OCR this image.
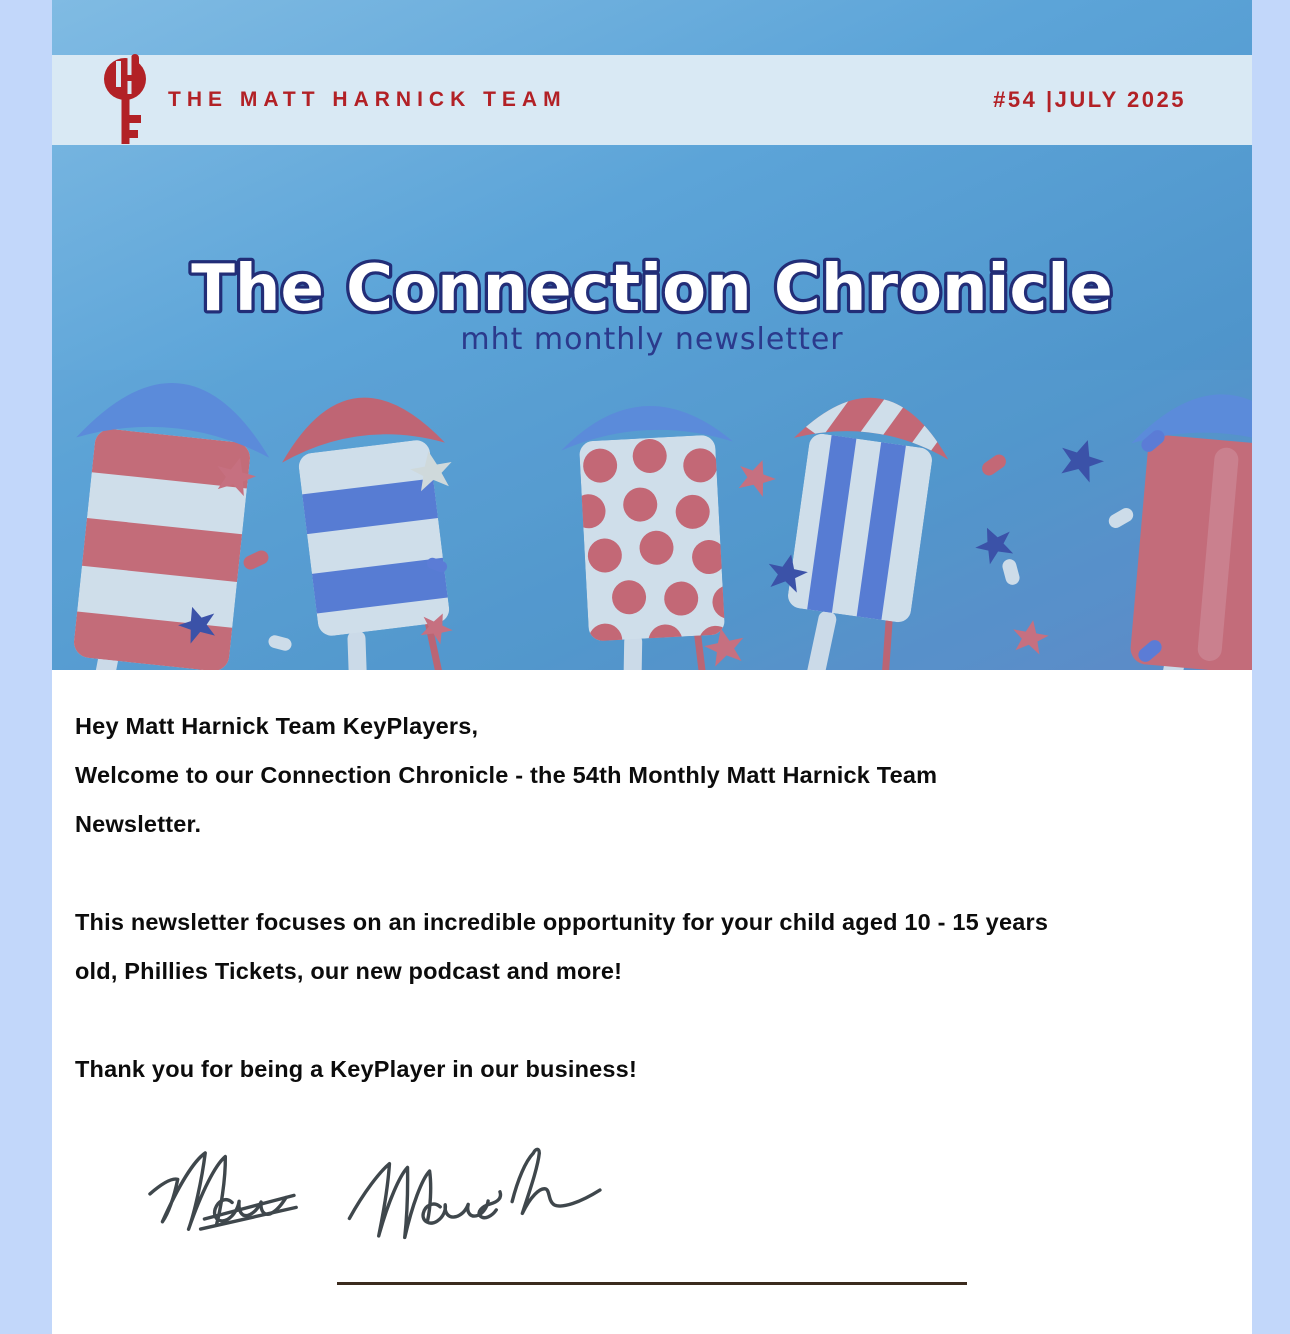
THE MATT HARNICK TEAM	#54 |JULY 2025
The Connection Chronicle
mht monthly newsletter
Hey Matt Harnick Team KeyPlayers,
Welcome to our Connection Chronicle - the 54th Monthly Matt Harnick Team
Newsletter.
This newsletter focuses on an incredible opportunity for your child aged 10 - 15 years
old, Phillies Tickets, our new podcast and more!
Thank you for being a KeyPlayer in our business!
